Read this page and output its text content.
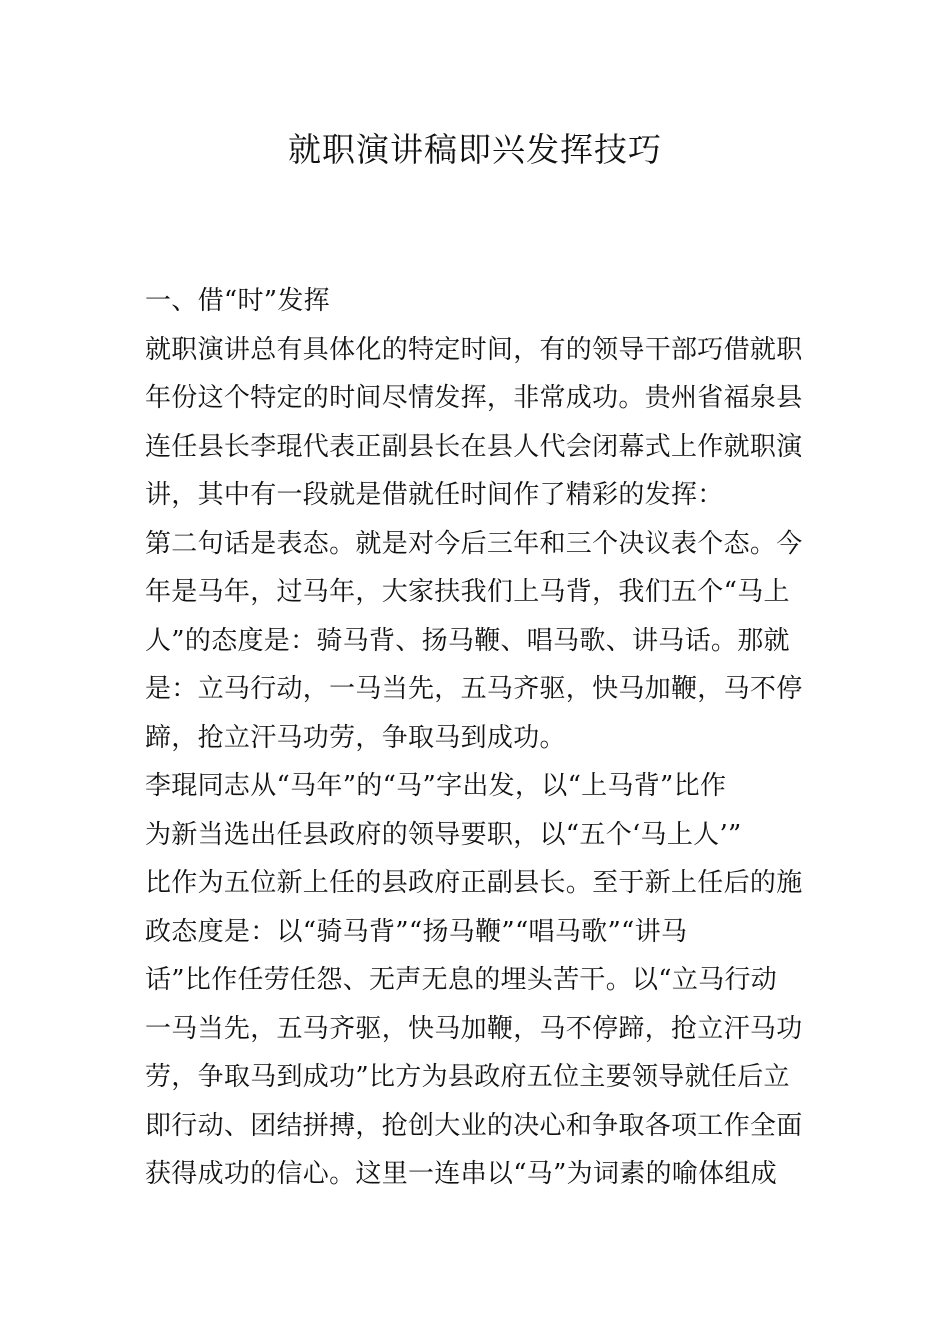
就职演讲稿即兴发挥技巧
一、借“时”发挥
就职演讲总有具体化的特定时间，有的领导干部巧借就职
年份这个特定的时间尽情发挥，非常成功。贵州省福泉县
连任县长李琨代表正副县长在县人代会闭幕式上作就职演
讲，其中有一段就是借就任时间作了精彩的发挥：
第二句话是表态。就是对今后三年和三个决议表个态。今
年是马年，过马年，大家扶我们上马背，我们五个“马上
人”的态度是：骑马背、扬马鞭、唱马歌、讲马话。那就
是：立马行动，一马当先，五马齐驱，快马加鞭，马不停
蹄，抢立汗马功劳，争取马到成功。
李琨同志从“马年”的“马”字出发，以“上马背”比作
为新当选出任县政府的领导要职，以“五个‘马上人’”
比作为五位新上任的县政府正副县长。至于新上任后的施
政态度是：以“骑马背”“扬马鞭”“唱马歌”“讲马
话”比作任劳任怨、无声无息的埋头苦干。以“立马行动
一马当先，五马齐驱，快马加鞭，马不停蹄，抢立汗马功
劳，争取马到成功”比方为县政府五位主要领导就任后立
即行动、团结拼搏，抢创大业的决心和争取各项工作全面
获得成功的信心。这里一连串以“马”为词素的喻体组成
